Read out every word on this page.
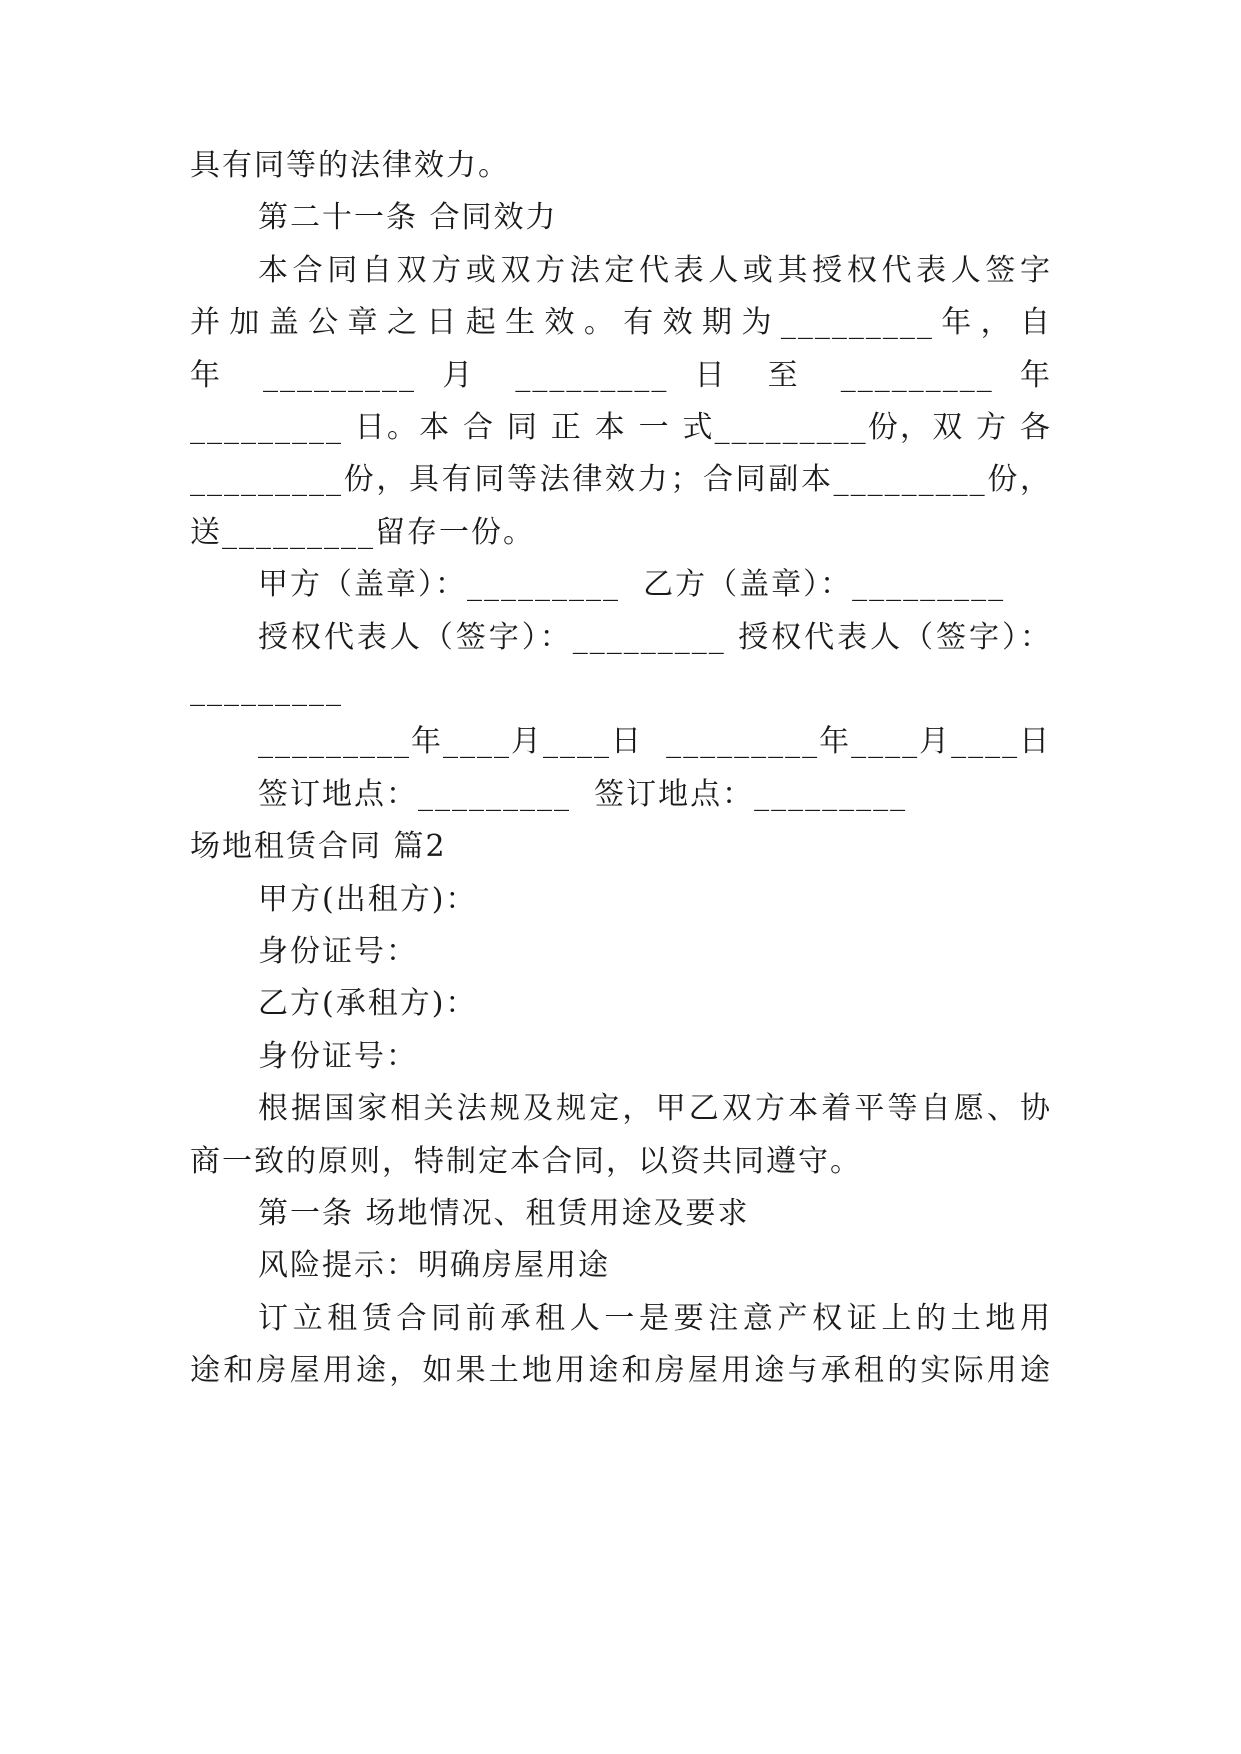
具有同等的法律效力。
第二十一条 合同效力
本合同自双方或双方法定代表人或其授权代表人签字
并加盖公章之日起生效。有效期为_________年，自
年 _________ 月 _________ 日 至 _________ 年
_________ 日。本 合 同 正 本 一 式_________份，双 方 各
_________份，具有同等法律效力；合同副本_________份，
送_________留存一份。
甲方（盖章）：_________  乙方（盖章）：_________
授权代表人（签字）：_________ 授权代表人（签字）：
_________
_________年____月____日  _________年____月____日
签订地点：_________  签订地点：_________
场地租赁合同 篇2
甲方(出租方)：
身份证号：
乙方(承租方)：
身份证号：
根据国家相关法规及规定，甲乙双方本着平等自愿、协
商一致的原则，特制定本合同，以资共同遵守。
第一条 场地情况、租赁用途及要求
风险提示：明确房屋用途
订立租赁合同前承租人一是要注意产权证上的土地用
途和房屋用途，如果土地用途和房屋用途与承租的实际用途
